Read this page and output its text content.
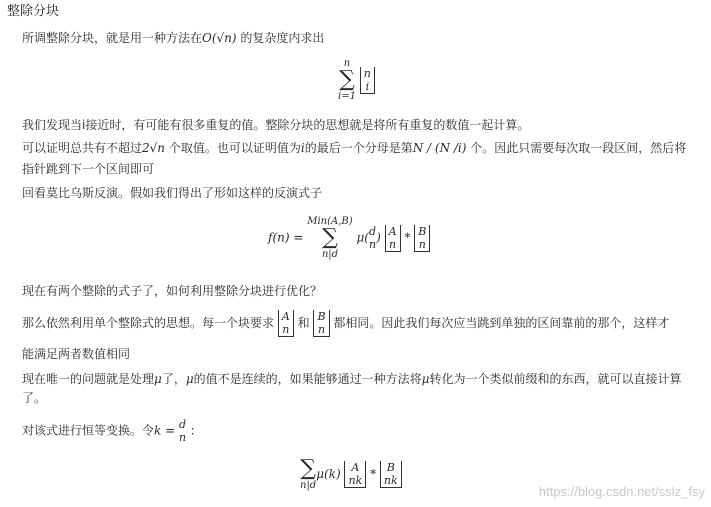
整除分块
所调整除分块，就是用一种方法在O(√n) 的复杂度内求出
n
∑
i=1

n
i
我们发现当i接近时，有可能有很多重复的值。整除分块的思想就是将所有重复的数值一起计算。
可以证明总共有不超过2√n 个取值。也可以证明值为i的最后一个分母是第N / (N /i) 个。因此只需要每次取一段区间，然后将
指针跳到下一个区间即可
回看莫比乌斯反演。假如我们得出了形如这样的反演式子
f(n) =
Min(A,B)
∑
n|d
μ( d
n ) A
n * B
n
现在有两个整除的式子了，如何利用整除分块进行优化？
那么依然利用单个整除式的思想。每一个块要求 A
n 和 B
n 都相同。因此我们每次应当跳到单独的区间靠前的那个，这样才
能满足两者数值相同
现在唯一的问题就是处理μ了，μ的值不是连续的，如果能够通过一种方法将μ转化为一个类似前缀和的东西，就可以直接计算
了。
对该式进行恒等变换。令k = d
n ：
∑
n|d
μ(k) A
nk * B
nk
https://blog.csdn.net/sslz_fsy
